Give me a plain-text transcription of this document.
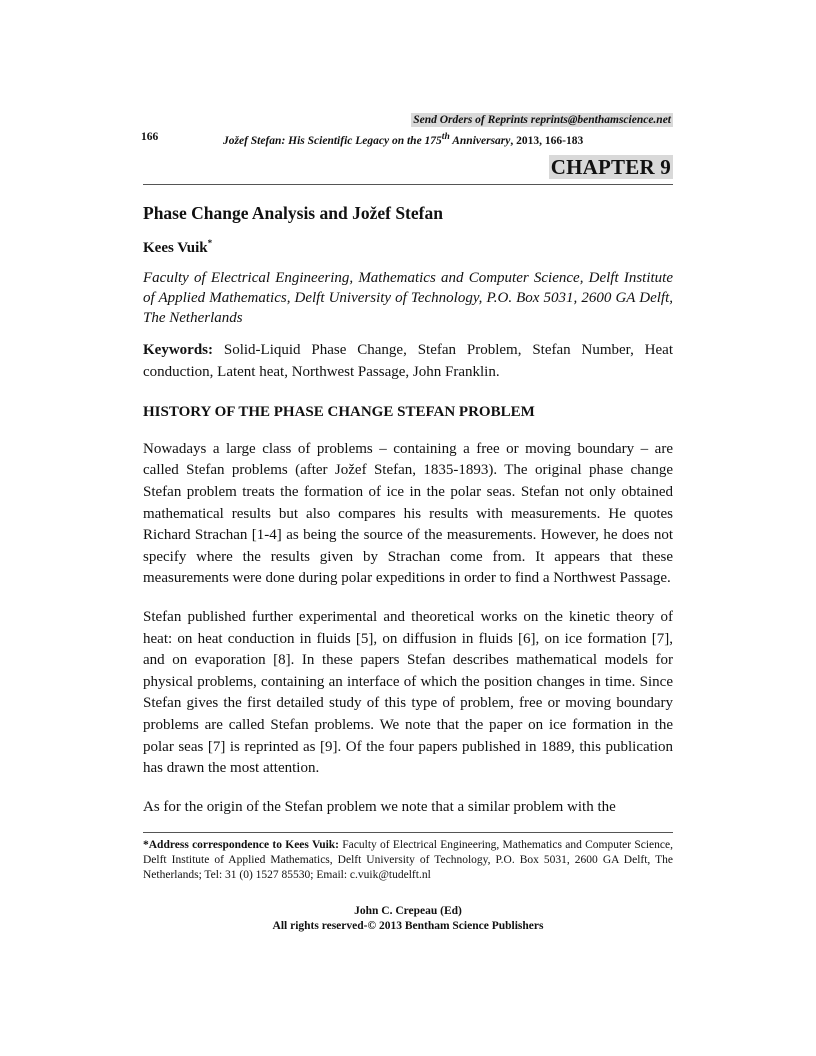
Send Orders of Reprints reprints@benthamscience.net
166	Jožef Stefan: His Scientific Legacy on the 175th Anniversary, 2013, 166-183
CHAPTER 9
Phase Change Analysis and Jožef Stefan
Kees Vuik*
Faculty of Electrical Engineering, Mathematics and Computer Science, Delft Institute of Applied Mathematics, Delft University of Technology, P.O. Box 5031, 2600 GA Delft, The Netherlands
Keywords: Solid-Liquid Phase Change, Stefan Problem, Stefan Number, Heat conduction, Latent heat, Northwest Passage, John Franklin.
HISTORY OF THE PHASE CHANGE STEFAN PROBLEM
Nowadays a large class of problems – containing a free or moving boundary – are called Stefan problems (after Jožef Stefan, 1835-1893). The original phase change Stefan problem treats the formation of ice in the polar seas. Stefan not only obtained mathematical results but also compares his results with measurements. He quotes Richard Strachan [1-4] as being the source of the measurements. However, he does not specify where the results given by Strachan come from. It appears that these measurements were done during polar expeditions in order to find a Northwest Passage.
Stefan published further experimental and theoretical works on the kinetic theory of heat: on heat conduction in fluids [5], on diffusion in fluids [6], on ice formation [7], and on evaporation [8]. In these papers Stefan describes mathematical models for physical problems, containing an interface of which the position changes in time. Since Stefan gives the first detailed study of this type of problem, free or moving boundary problems are called Stefan problems. We note that the paper on ice formation in the polar seas [7] is reprinted as [9]. Of the four papers published in 1889, this publication has drawn the most attention.
As for the origin of the Stefan problem we note that a similar problem with the
*Address correspondence to Kees Vuik: Faculty of Electrical Engineering, Mathematics and Computer Science, Delft Institute of Applied Mathematics, Delft University of Technology, P.O. Box 5031, 2600 GA Delft, The Netherlands; Tel: 31 (0) 1527 85530; Email: c.vuik@tudelft.nl
John C. Crepeau (Ed)
All rights reserved-© 2013 Bentham Science Publishers
